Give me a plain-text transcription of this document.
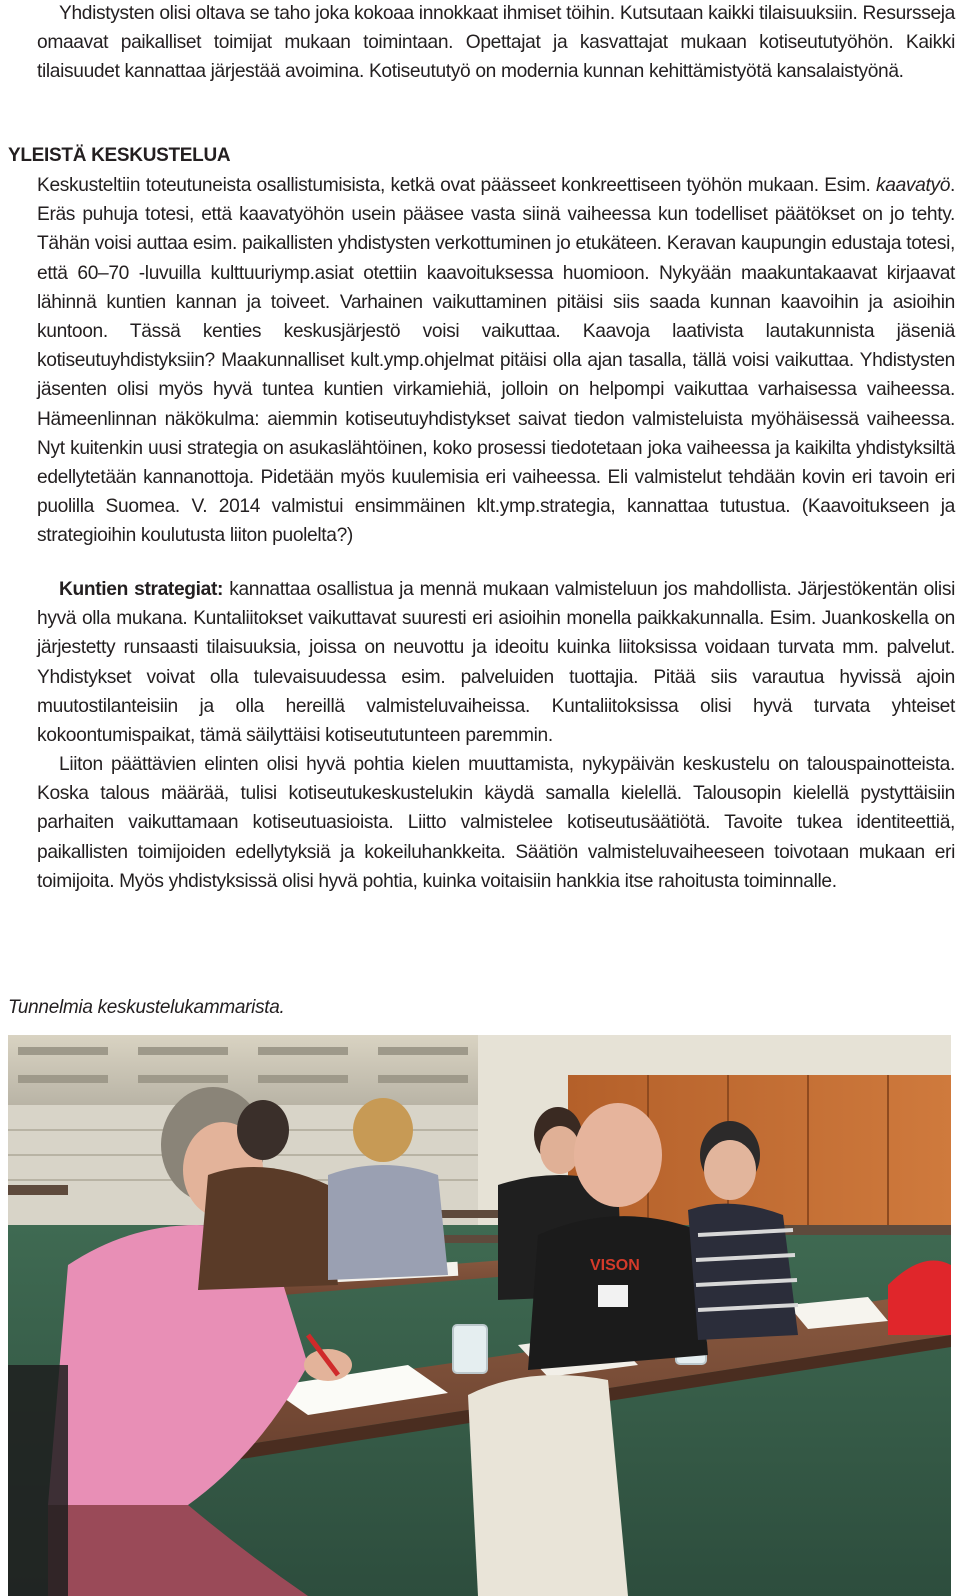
Yhdistysten olisi oltava se taho joka kokoaa innokkaat ihmiset töihin. Kutsutaan kaikki tilaisuuksiin. Resursseja omaavat paikalliset toimijat mukaan toimintaan. Opettajat ja kasvattajat mukaan kotiseututyöhön. Kaikki tilaisuudet kannattaa järjestää avoimina. Kotiseututyö on modernia kunnan kehittämistyötä kansalaistyönä.

YLEISTÄ KESKUSTELUA

Keskusteltiin toteutuneista osallistumisista, ketkä ovat päässeet konkreettiseen työhön mukaan. Esim. kaavatyö. Eräs puhuja totesi, että kaavatyöhön usein pääsee vasta siinä vaiheessa kun todelliset päätökset on jo tehty. Tähän voisi auttaa esim. paikallisten yhdistysten verkottuminen jo etukäteen. Keravan kaupungin edustaja totesi, että 60–70 -luvuilla kulttuuriymp.asiat otettiin kaavoituksessa huomioon. Nykyään maakuntakaavat kirjaavat lähinnä kuntien kannan ja toiveet. Varhainen vaikuttaminen pitäisi siis saada kunnan kaavoihin ja asioihin kuntoon. Tässä kenties keskusjärjestö voisi vaikuttaa. Kaavoja laativista lautakunnista jäseniä kotiseutuyhdistyksiin? Maakunnalliset kult.ymp.ohjelmat pitäisi olla ajan tasalla, tällä voisi vaikuttaa. Yhdistysten jäsenten olisi myös hyvä tuntea kuntien virkamiehiä, jolloin on helpompi vaikuttaa varhaisessa vaiheessa. Hämeenlinnan näkökulma: aiemmin kotiseutuyhdistykset saivat tiedon valmisteluista myöhäisessä vaiheessa. Nyt kuitenkin uusi strategia on asukaslähtöinen, koko prosessi tiedotetaan joka vaiheessa ja kaikilta yhdistyksiltä edellytetään kannanottoja. Pidetään myös kuulemisia eri vaiheessa. Eli valmistelut tehdään kovin eri tavoin eri puolilla Suomea. V. 2014 valmistui ensimmäinen klt.ymp.strategia, kannattaa tutustua. (Kaavoitukseen ja strategioihin koulutusta liiton puolelta?)

Kuntien strategiat: kannattaa osallistua ja mennä mukaan valmisteluun jos mahdollista. Järjestökentän olisi hyvä olla mukana. Kuntaliitokset vaikuttavat suuresti eri asioihin monella paikkakunnalla. Esim. Juankoskella on järjestetty runsaasti tilaisuuksia, joissa on neuvottu ja ideoitu kuinka liitoksissa voidaan turvata mm. palvelut. Yhdistykset voivat olla tulevaisuudessa esim. palveluiden tuottajia. Pitää siis varautua hyvissä ajoin muutostilanteisiin ja olla hereillä valmisteluvaiheissa. Kuntaliitoksissa olisi hyvä turvata yhteiset kokoontumispaikat, tämä säilyttäisi kotiseututunteen paremmin.

Liiton päättävien elinten olisi hyvä pohtia kielen muuttamista, nykypäivän keskustelu on talouspainotteista. Koska talous määrää, tulisi kotiseutukeskustelukin käydä samalla kielellä. Talousopin kielellä pystyttäisiin parhaiten vaikuttamaan kotiseutuasioista. Liitto valmistelee kotiseutusäätiötä. Tavoite tukea identiteettiä, paikallisten toimijoiden edellytyksiä ja kokeiluhankkeita. Säätiön valmisteluvaiheeseen toivotaan mukaan eri toimijoita. Myös yhdistyksissä olisi hyvä pohtia, kuinka voitaisiin hankkia itse rahoitusta toiminnalle.

Tunnelmia keskustelukammarista.

VISON
